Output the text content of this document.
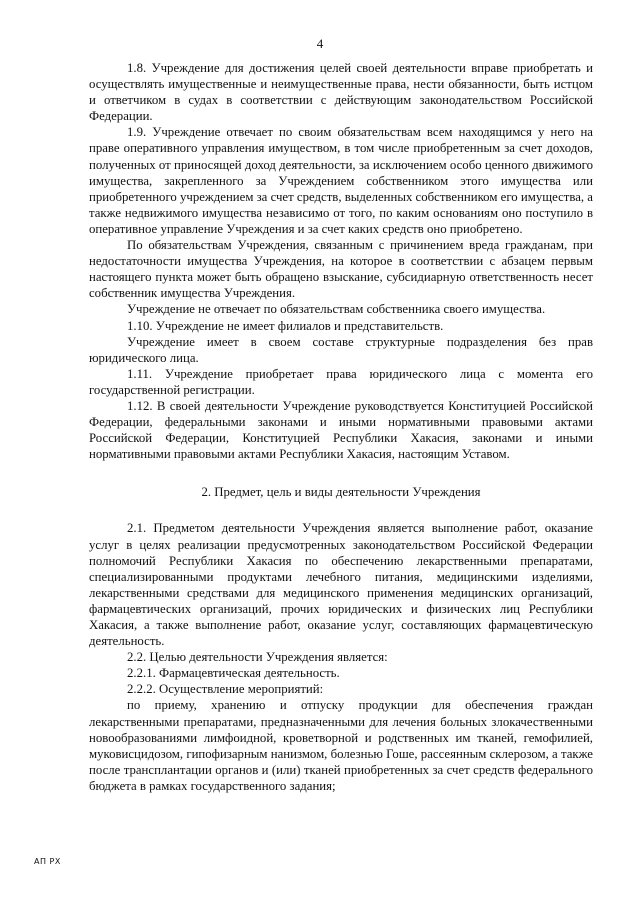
4

1.8. Учреждение для достижения целей своей деятельности вправе приобретать и осуществлять имущественные и неимущественные права, нести обязанности, быть истцом и ответчиком в судах в соответствии с действующим законодательством Российской Федерации.

1.9. Учреждение отвечает по своим обязательствам всем находящимся у него на праве оперативного управления имуществом, в том числе приобретенным за счет доходов, полученных от приносящей доход деятельности, за исключением особо ценного движимого имущества, закрепленного за Учреждением собственником этого имущества или приобретенного учреждением за счет средств, выделенных собственником его имущества, а также недвижимого имущества независимо от того, по каким основаниям оно поступило в оперативное управление Учреждения и за счет каких средств оно приобретено.

По обязательствам Учреждения, связанным с причинением вреда гражданам, при недостаточности имущества Учреждения, на которое в соответствии с абзацем первым настоящего пункта может быть обращено взыскание, субсидиарную ответственность несет собственник имущества Учреждения.

Учреждение не отвечает по обязательствам собственника своего имущества.

1.10. Учреждение не имеет филиалов и представительств.

Учреждение имеет в своем составе структурные подразделения без прав юридического лица.

1.11. Учреждение приобретает права юридического лица с момента его государственной регистрации.

1.12. В своей деятельности Учреждение руководствуется Конституцией Российской Федерации, федеральными законами и иными нормативными правовыми актами Российской Федерации, Конституцией Республики Хакасия, законами и иными нормативными правовыми актами Республики Хакасия, настоящим Уставом.

2. Предмет, цель и виды деятельности Учреждения

2.1. Предметом деятельности Учреждения является выполнение работ, оказание услуг в целях реализации предусмотренных законодательством Российской Федерации полномочий Республики Хакасия по обеспечению лекарственными препаратами, специализированными продуктами лечебного питания, медицинскими изделиями, лекарственными средствами для медицинского применения медицинских организаций, фармацевтических организаций, прочих юридических и физических лиц Республики Хакасия, а также выполнение работ, оказание услуг, составляющих фармацевтическую деятельность.

2.2. Целью деятельности Учреждения является:

2.2.1. Фармацевтическая деятельность.

2.2.2. Осуществление мероприятий:

по приему, хранению и отпуску продукции для обеспечения граждан лекарственными препаратами, предназначенными для лечения больных злокачественными новообразованиями лимфоидной, кроветворной и родственных им тканей, гемофилией, муковисцидозом, гипофизарным нанизмом, болезнью Гоше, рассеянным склерозом, а также после трансплантации органов и (или) тканей приобретенных за счет средств федерального бюджета в рамках государственного задания;

АП РХ
